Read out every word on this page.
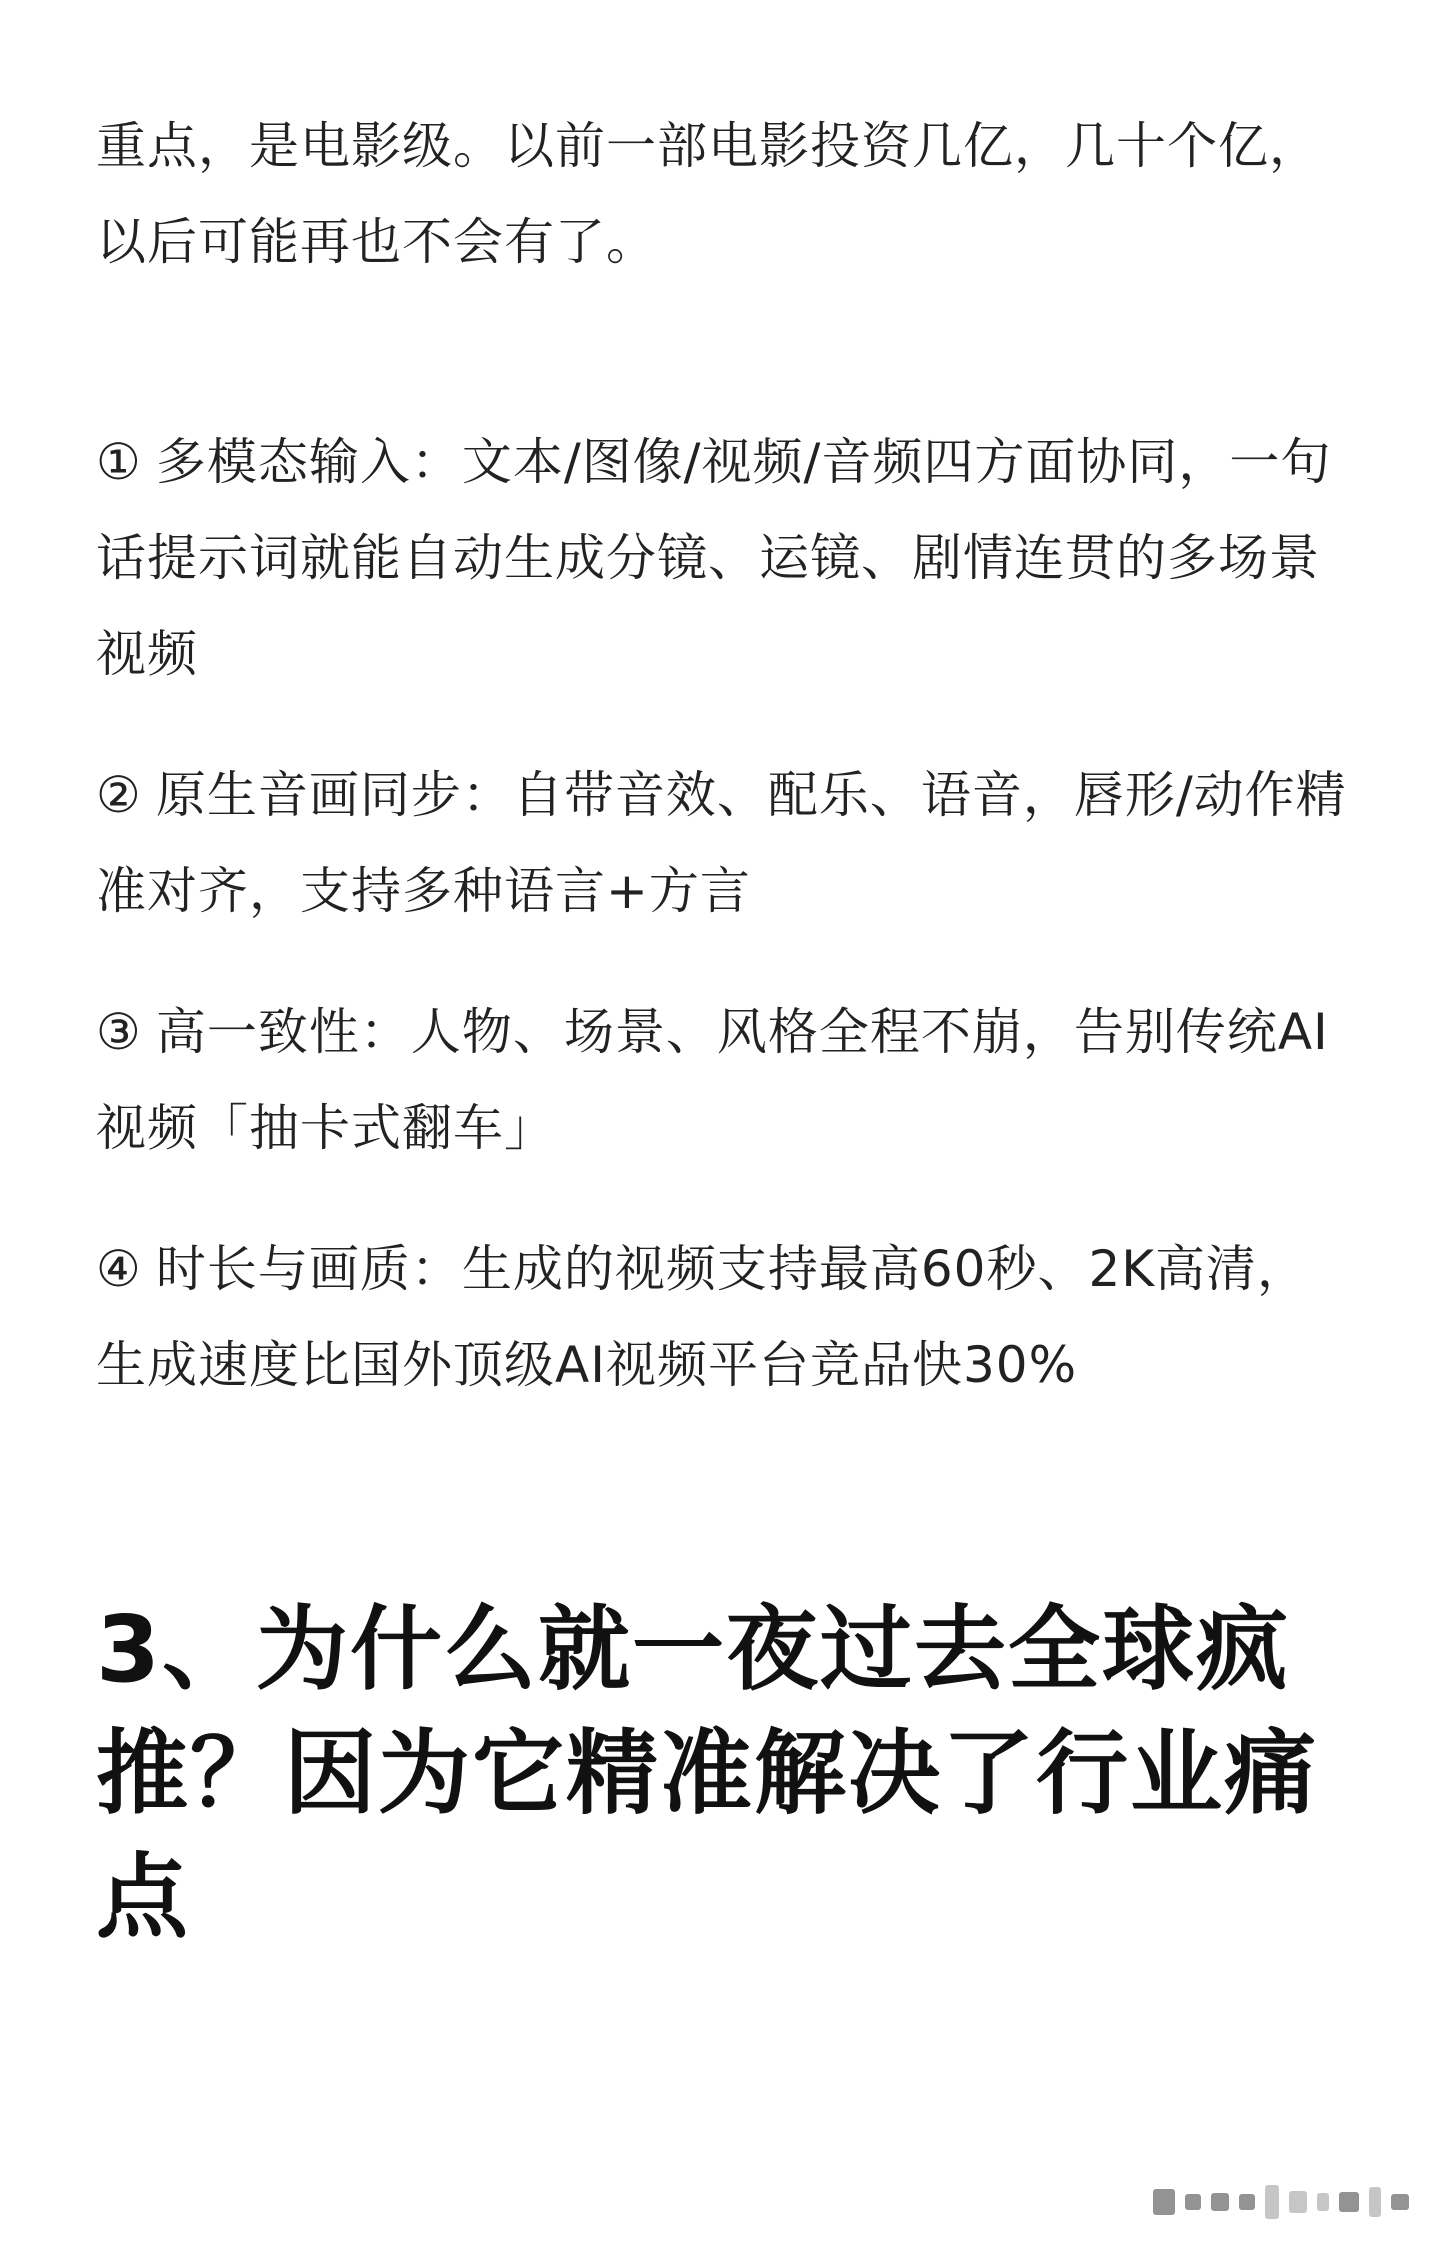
重点，是电影级。以前一部电影投资几亿，几十个亿，以后可能再也不会有了。

① 多模态输入：文本/图像/视频/音频四方面协同，一句话提示词就能自动生成分镜、运镜、剧情连贯的多场景视频
② 原生音画同步：自带音效、配乐、语音，唇形/动作精准对齐，支持多种语言+方言
③ 高一致性：人物、场景、风格全程不崩，告别传统AI视频「抽卡式翻车」
④ 时长与画质：生成的视频支持最高60秒、2K高清，生成速度比国外顶级AI视频平台竞品快30%
3、为什么就一夜过去全球疯推？因为它精准解决了行业痛点
